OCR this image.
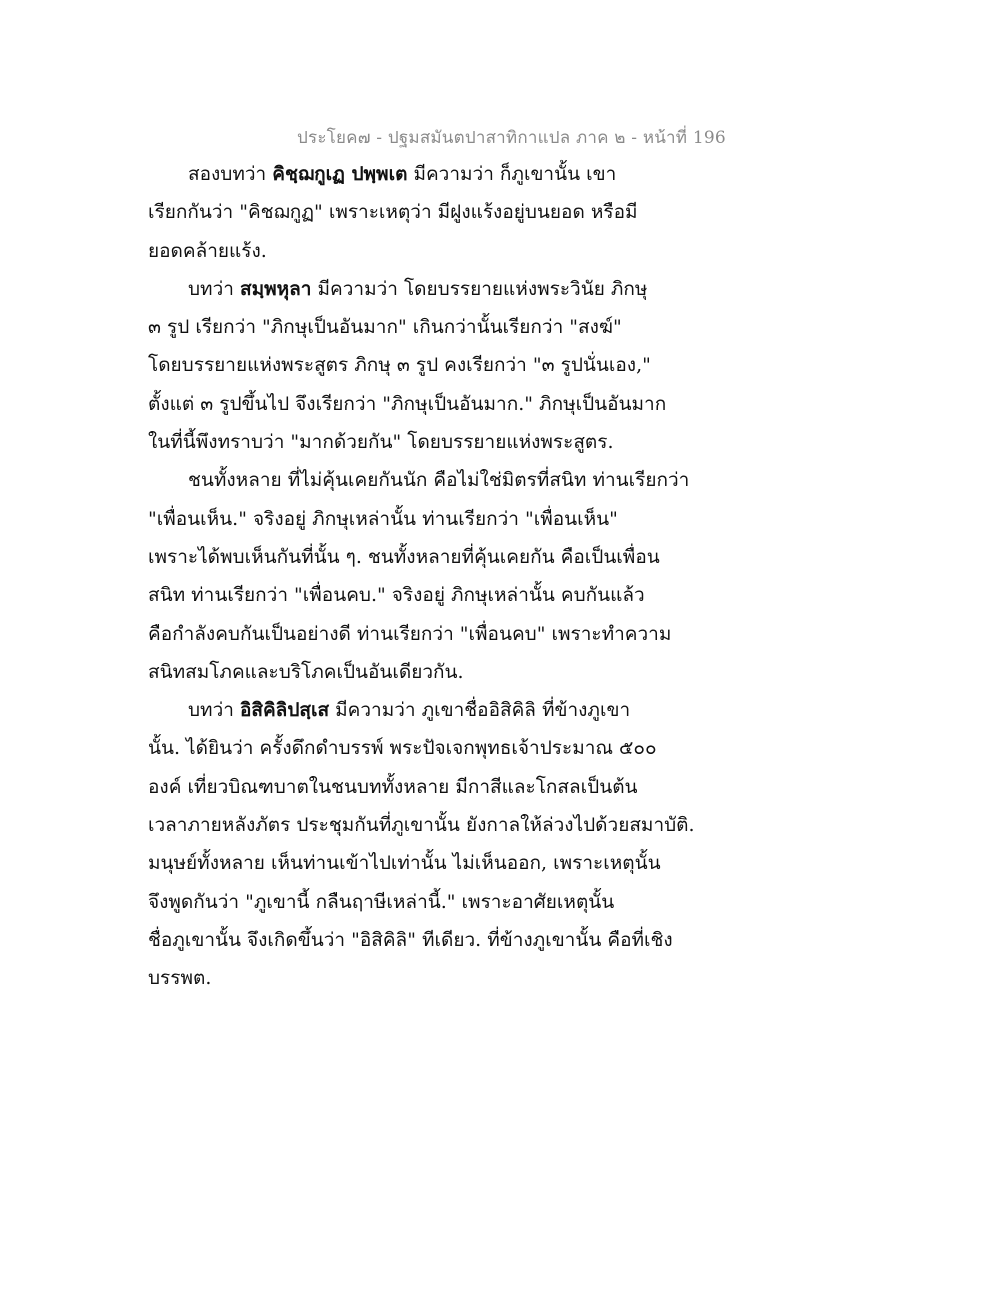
ประโยค๗ - ปฐมสมันตปาสาทิกาแปล ภาค ๒ - หน้าที่ 196
สองบทว่า คิชฺฌกูเฏ ปพฺพเต มีความว่า ก็ภูเขานั้น เขา
เรียกกันว่า "คิชฌกูฏ" เพราะเหตุว่า มีฝูงแร้งอยู่บนยอด หรือมี
ยอดคล้ายแร้ง.
บทว่า สมฺพหุลา มีความว่า โดยบรรยายแห่งพระวินัย ภิกษุ
๓ รูป เรียกว่า "ภิกษุเป็นอันมาก" เกินกว่านั้นเรียกว่า "สงฆ์"
โดยบรรยายแห่งพระสูตร ภิกษุ ๓ รูป คงเรียกว่า "๓ รูปนั่นเอง,"
ตั้งแต่ ๓ รูปขึ้นไป จึงเรียกว่า "ภิกษุเป็นอันมาก." ภิกษุเป็นอันมาก
ในที่นี้พึงทราบว่า "มากด้วยกัน" โดยบรรยายแห่งพระสูตร.
ชนทั้งหลาย ที่ไม่คุ้นเคยกันนัก คือไม่ใช่มิตรที่สนิท ท่านเรียกว่า
"เพื่อนเห็น." จริงอยู่ ภิกษุเหล่านั้น ท่านเรียกว่า "เพื่อนเห็น"
เพราะได้พบเห็นกันที่นั้น ๆ. ชนทั้งหลายที่คุ้นเคยกัน คือเป็นเพื่อน
สนิท ท่านเรียกว่า "เพื่อนคบ." จริงอยู่ ภิกษุเหล่านั้น คบกันแล้ว
คือกำลังคบกันเป็นอย่างดี ท่านเรียกว่า "เพื่อนคบ" เพราะทำความ
สนิทสมโภคและบริโภคเป็นอันเดียวกัน.
บทว่า อิสิคิลิปสฺเส มีความว่า ภูเขาชื่ออิสิคิลิ ที่ข้างภูเขา
นั้น. ได้ยินว่า ครั้งดึกดำบรรพ์ พระปัจเจกพุทธเจ้าประมาณ ๕๐๐
องค์ เที่ยวบิณฑบาตในชนบททั้งหลาย มีกาสีและโกสลเป็นต้น
เวลาภายหลังภัตร ประชุมกันที่ภูเขานั้น ยังกาลให้ล่วงไปด้วยสมาบัติ.
มนุษย์ทั้งหลาย เห็นท่านเข้าไปเท่านั้น ไม่เห็นออก, เพราะเหตุนั้น
จึงพูดกันว่า "ภูเขานี้ กลืนฤาษีเหล่านี้." เพราะอาศัยเหตุนั้น
ชื่อภูเขานั้น จึงเกิดขึ้นว่า "อิสิคิลิ" ทีเดียว. ที่ข้างภูเขานั้น คือที่เชิง
บรรพต.
